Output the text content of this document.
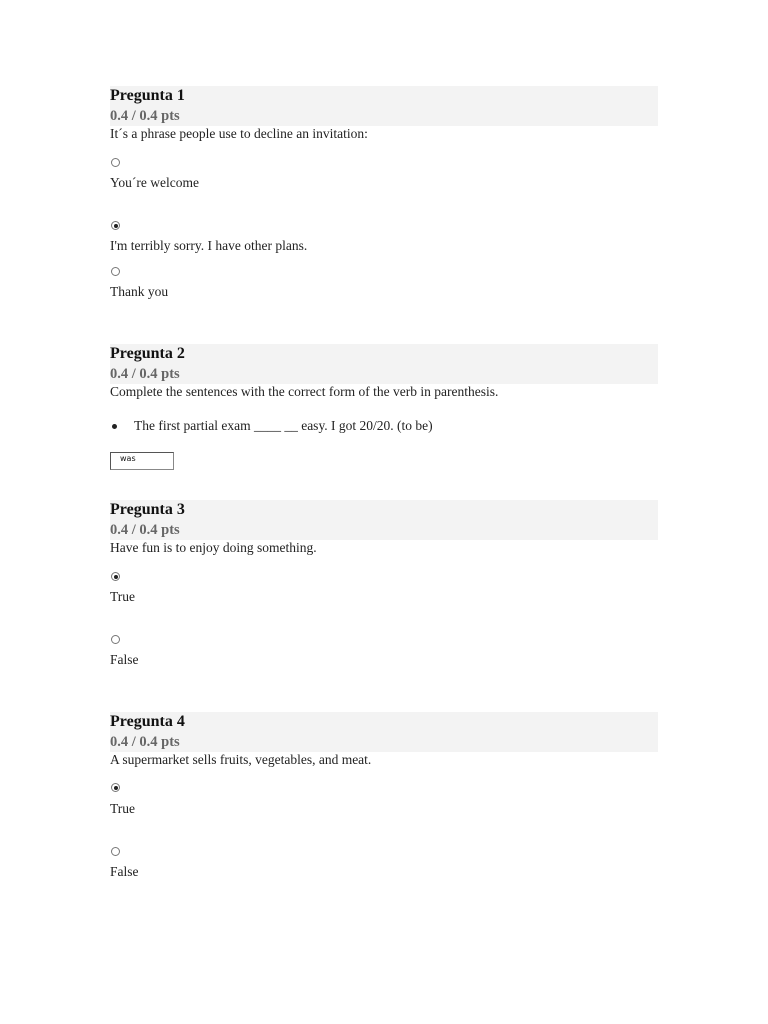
Pregunta 1
0.4 / 0.4 pts
It´s a phrase people use to decline an invitation:
You´re welcome
I'm terribly sorry. I have other plans.
Thank you
Pregunta 2
0.4 / 0.4 pts
Complete the sentences with the correct form of the verb in parenthesis.
The first partial exam ____ __ easy. I got 20/20. (to be)
was
Pregunta 3
0.4 / 0.4 pts
Have fun is to enjoy doing something.
True
False
Pregunta 4
0.4 / 0.4 pts
A supermarket sells fruits, vegetables, and meat.
True
False
